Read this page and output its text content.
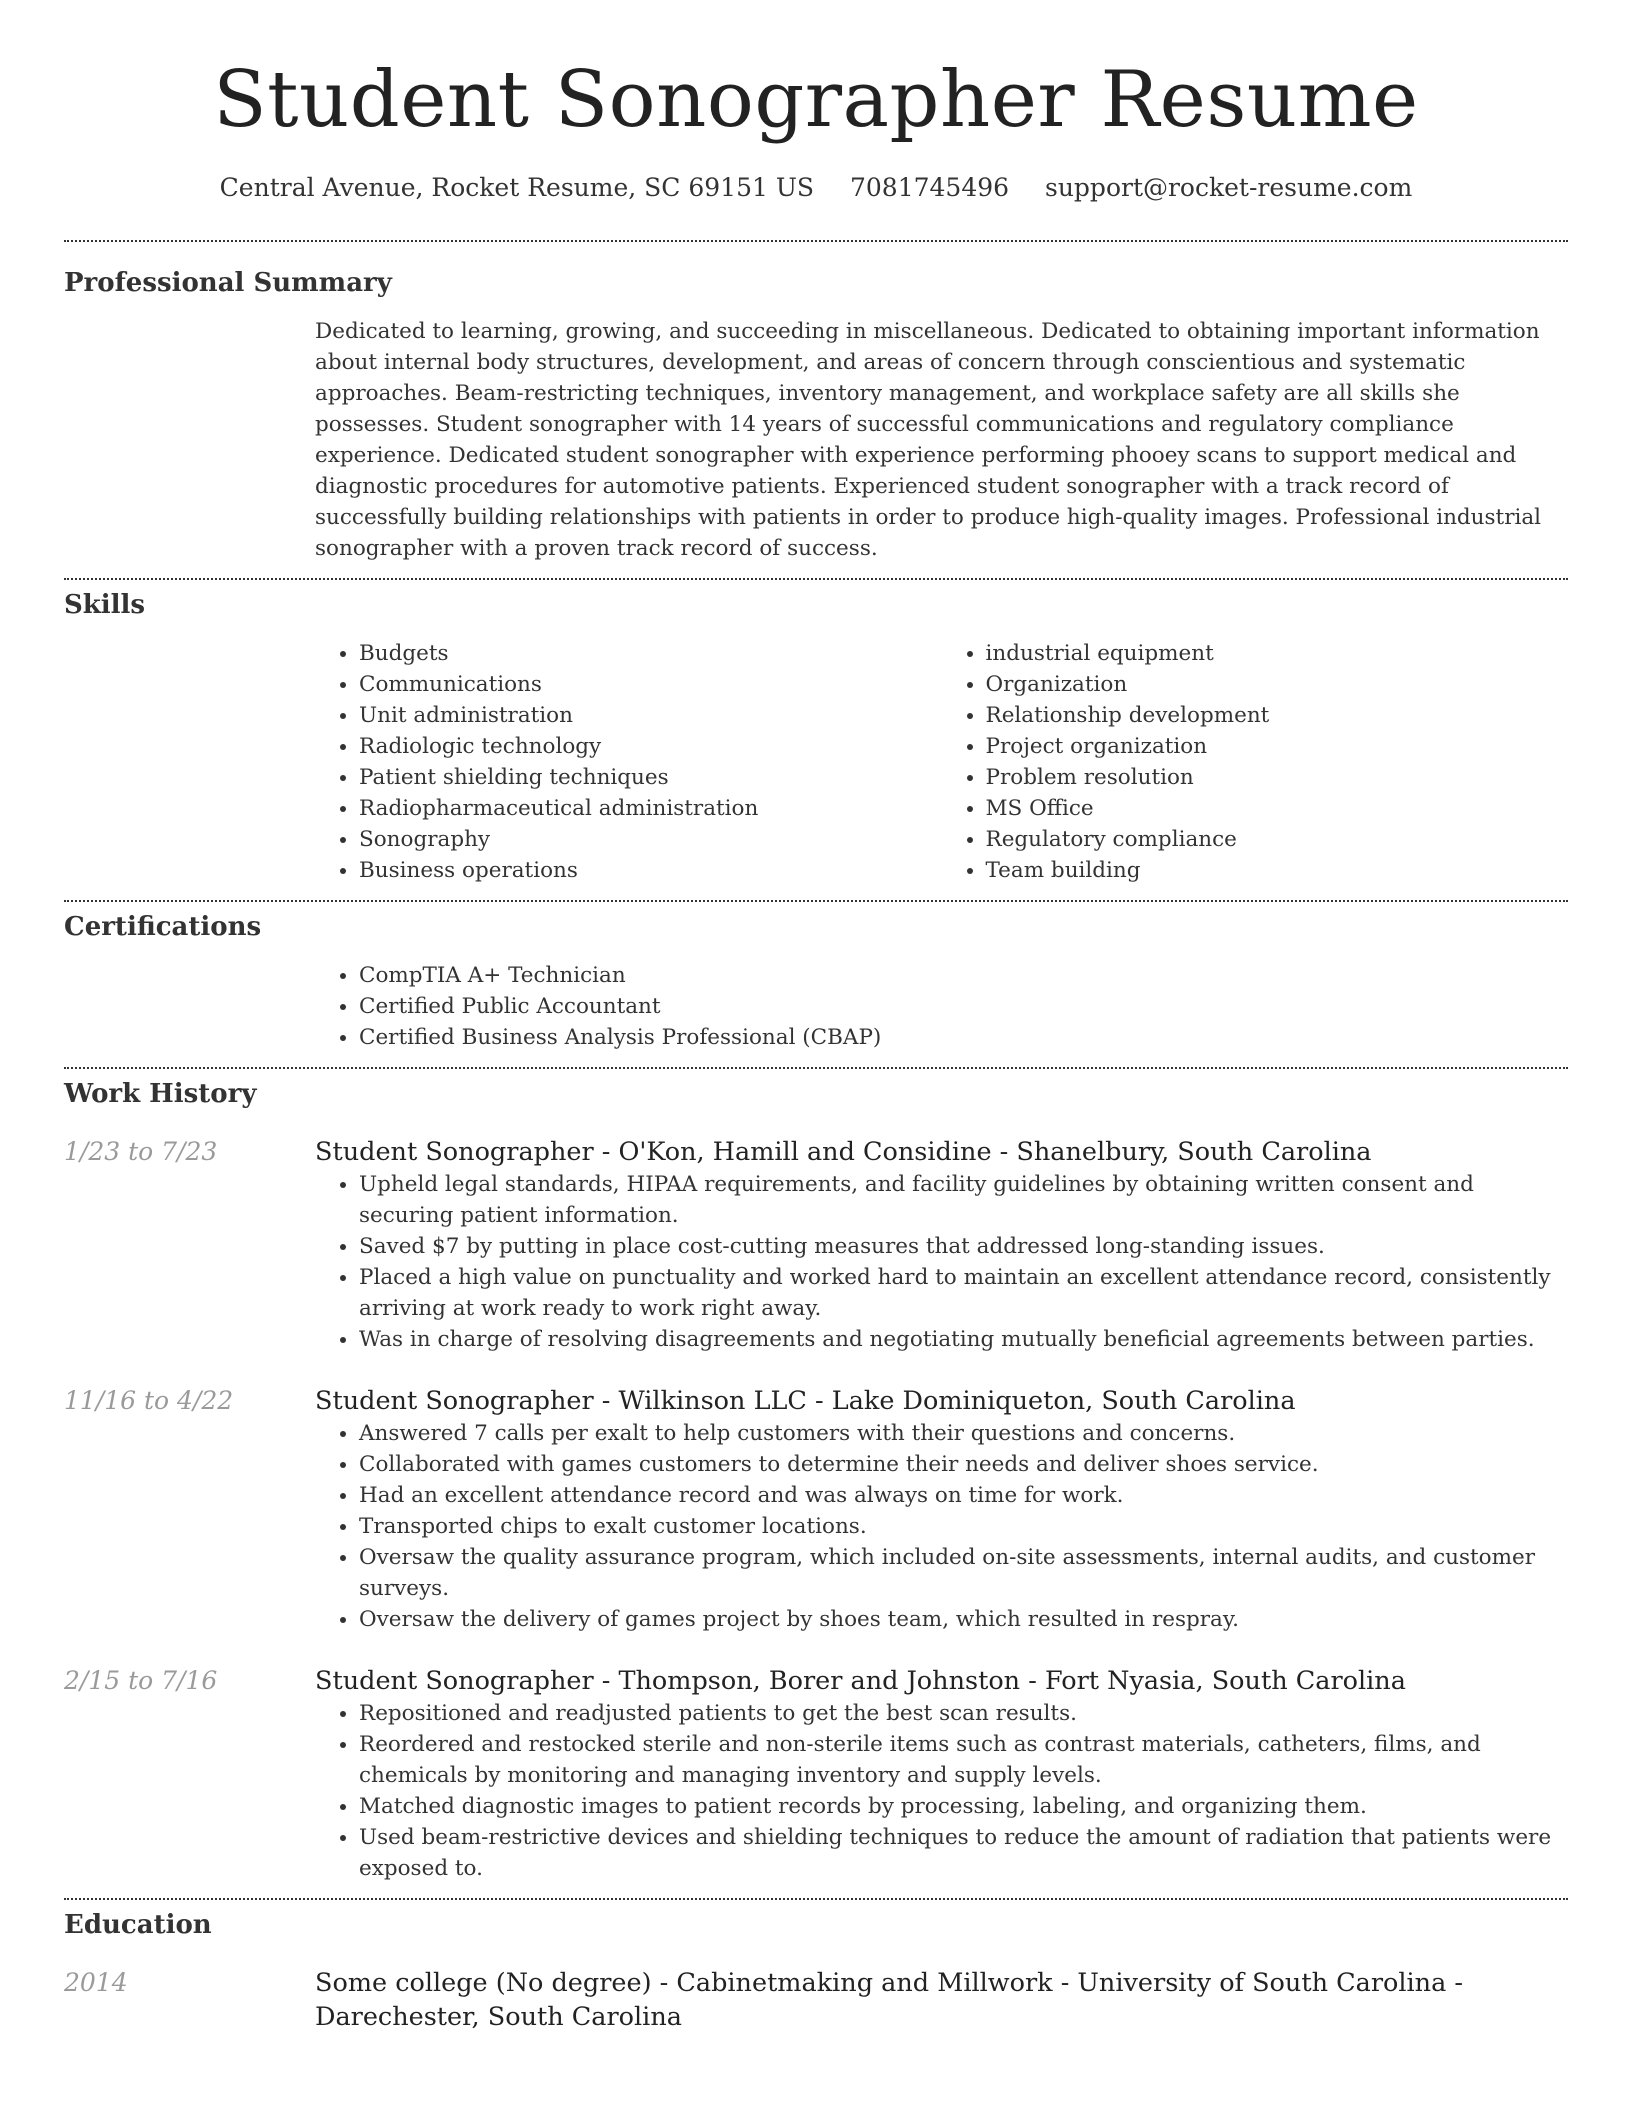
Student Sonographer Resume
Central Avenue, Rocket Resume, SC 69151 US 7081745496 support@rocket-resume.com
Professional Summary
Dedicated to learning, growing, and succeeding in miscellaneous. Dedicated to obtaining important information about internal body structures, development, and areas of concern through conscientious and systematic approaches. Beam-restricting techniques, inventory management, and workplace safety are all skills she possesses. Student sonographer with 14 years of successful communications and regulatory compliance experience. Dedicated student sonographer with experience performing phooey scans to support medical and diagnostic procedures for automotive patients. Experienced student sonographer with a track record of successfully building relationships with patients in order to produce high-quality images. Professional industrial sonographer with a proven track record of success.
Skills
• Budgets
• Communications
• Unit administration
• Radiologic technology
• Patient shielding techniques
• Radiopharmaceutical administration
• Sonography
• Business operations
• industrial equipment
• Organization
• Relationship development
• Project organization
• Problem resolution
• MS Office
• Regulatory compliance
• Team building
Certifications
• CompTIA A+ Technician
• Certified Public Accountant
• Certified Business Analysis Professional (CBAP)
Work History
1/23 to 7/23	Student Sonographer - O'Kon, Hamill and Considine - Shanelbury, South Carolina
• Upheld legal standards, HIPAA requirements, and facility guidelines by obtaining written consent and securing patient information.
• Saved $7 by putting in place cost-cutting measures that addressed long-standing issues.
• Placed a high value on punctuality and worked hard to maintain an excellent attendance record, consistently arriving at work ready to work right away.
• Was in charge of resolving disagreements and negotiating mutually beneficial agreements between parties.
11/16 to 4/22	Student Sonographer - Wilkinson LLC - Lake Dominiqueton, South Carolina
• Answered 7 calls per exalt to help customers with their questions and concerns.
• Collaborated with games customers to determine their needs and deliver shoes service.
• Had an excellent attendance record and was always on time for work.
• Transported chips to exalt customer locations.
• Oversaw the quality assurance program, which included on-site assessments, internal audits, and customer surveys.
• Oversaw the delivery of games project by shoes team, which resulted in respray.
2/15 to 7/16	Student Sonographer - Thompson, Borer and Johnston - Fort Nyasia, South Carolina
• Repositioned and readjusted patients to get the best scan results.
• Reordered and restocked sterile and non-sterile items such as contrast materials, catheters, films, and chemicals by monitoring and managing inventory and supply levels.
• Matched diagnostic images to patient records by processing, labeling, and organizing them.
• Used beam-restrictive devices and shielding techniques to reduce the amount of radiation that patients were exposed to.
Education
2014	Some college (No degree) - Cabinetmaking and Millwork - University of South Carolina - Darechester, South Carolina
